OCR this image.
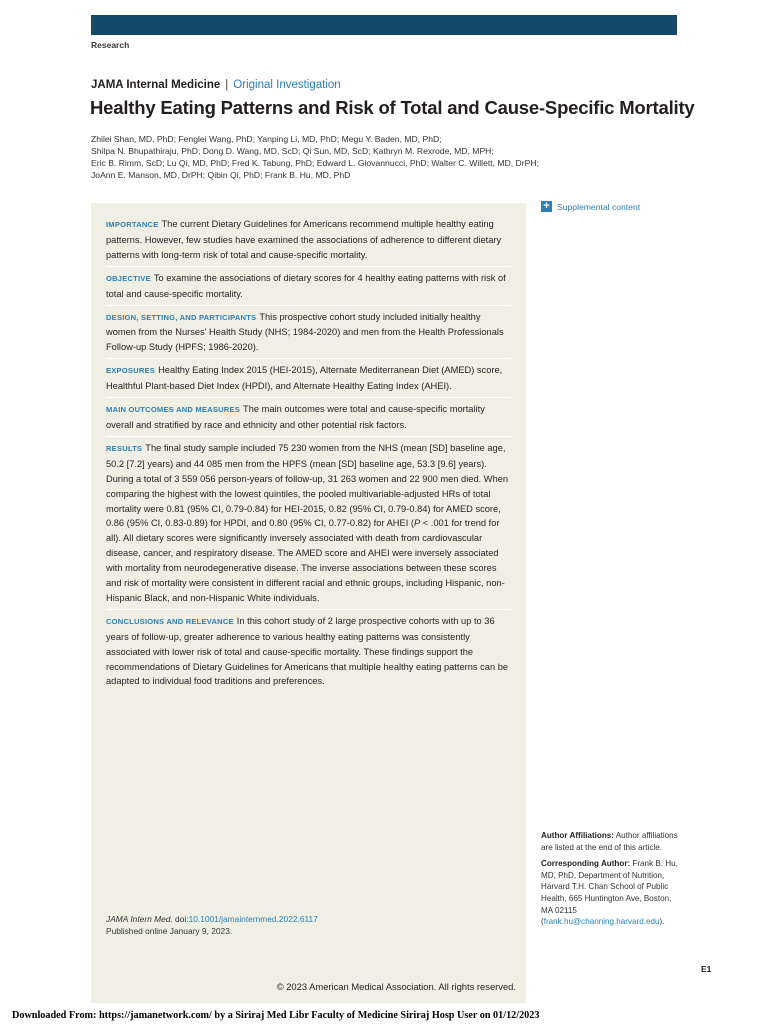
Research
JAMA Internal Medicine | Original Investigation
Healthy Eating Patterns and Risk of Total and Cause-Specific Mortality
Zhilei Shan, MD, PhD; Fenglei Wang, PhD; Yanping Li, MD, PhD; Megu Y. Baden, MD, PhD;
Shilpa N. Bhupathiraju, PhD; Dong D. Wang, MD, ScD; Qi Sun, MD, ScD; Kathryn M. Rexrode, MD, MPH;
Eric B. Rimm, ScD; Lu Qi, MD, PhD; Fred K. Tabung, PhD; Edward L. Giovannucci, PhD; Walter C. Willett, MD, DrPH;
JoAnn E. Manson, MD, DrPH; Qibin Qi, PhD; Frank B. Hu, MD, PhD
IMPORTANCE The current Dietary Guidelines for Americans recommend multiple healthy eating patterns. However, few studies have examined the associations of adherence to different dietary patterns with long-term risk of total and cause-specific mortality.
OBJECTIVE To examine the associations of dietary scores for 4 healthy eating patterns with risk of total and cause-specific mortality.
DESIGN, SETTING, AND PARTICIPANTS This prospective cohort study included initially healthy women from the Nurses' Health Study (NHS; 1984-2020) and men from the Health Professionals Follow-up Study (HPFS; 1986-2020).
EXPOSURES Healthy Eating Index 2015 (HEI-2015), Alternate Mediterranean Diet (AMED) score, Healthful Plant-based Diet Index (HPDI), and Alternate Healthy Eating Index (AHEI).
MAIN OUTCOMES AND MEASURES The main outcomes were total and cause-specific mortality overall and stratified by race and ethnicity and other potential risk factors.
RESULTS The final study sample included 75 230 women from the NHS (mean [SD] baseline age, 50.2 [7.2] years) and 44 085 men from the HPFS (mean [SD] baseline age, 53.3 [9.6] years). During a total of 3 559 056 person-years of follow-up, 31 263 women and 22 900 men died. When comparing the highest with the lowest quintiles, the pooled multivariable-adjusted HRs of total mortality were 0.81 (95% CI, 0.79-0.84) for HEI-2015, 0.82 (95% CI, 0.79-0.84) for AMED score, 0.86 (95% CI, 0.83-0.89) for HPDI, and 0.80 (95% CI, 0.77-0.82) for AHEI (P < .001 for trend for all). All dietary scores were significantly inversely associated with death from cardiovascular disease, cancer, and respiratory disease. The AMED score and AHEI were inversely associated with mortality from neurodegenerative disease. The inverse associations between these scores and risk of mortality were consistent in different racial and ethnic groups, including Hispanic, non-Hispanic Black, and non-Hispanic White individuals.
CONCLUSIONS AND RELEVANCE In this cohort study of 2 large prospective cohorts with up to 36 years of follow-up, greater adherence to various healthy eating patterns was consistently associated with lower risk of total and cause-specific mortality. These findings support the recommendations of Dietary Guidelines for Americans that multiple healthy eating patterns can be adapted to individual food traditions and preferences.
JAMA Intern Med. doi:10.1001/jamainternmed.2022.6117
Published online January 9, 2023.
© 2023 American Medical Association. All rights reserved.
+ Supplemental content

Author Affiliations: Author affiliations are listed at the end of this article.

Corresponding Author: Frank B. Hu, MD, PhD, Department of Nutrition, Harvard T.H. Chan School of Public Health, 665 Huntington Ave, Boston, MA 02115 (frank.hu@channing.harvard.edu).

E1
Downloaded From: https://jamanetwork.com/ by a Siriraj Med Libr Faculty of Medicine Siriraj Hosp User on 01/12/2023
